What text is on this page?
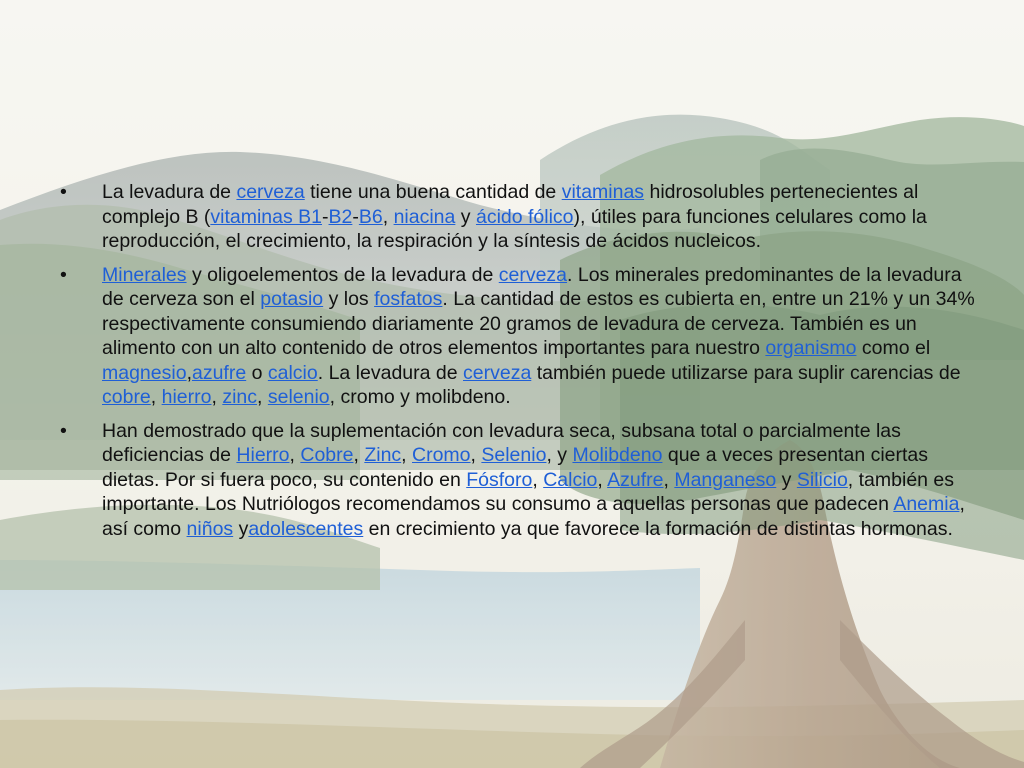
• La levadura de cerveza tiene una buena cantidad de vitaminas hidrosolubles pertenecientes al complejo B (vitaminas B1-B2-B6, niacina y ácido fólico), útiles para funciones celulares como la reproducción, el crecimiento, la respiración y la síntesis de ácidos nucleicos.
• Minerales y oligoelementos de la levadura de cerveza. Los minerales predominantes de la levadura de cerveza son el potasio y los fosfatos. La cantidad de estos es cubierta en, entre un 21% y un 34% respectivamente consumiendo diariamente 20 gramos de levadura de cerveza. También es un alimento con un alto contenido de otros elementos importantes para nuestro organismo como el magnesio,azufre o calcio. La levadura de cerveza también puede utilizarse para suplir carencias de cobre, hierro, zinc, selenio, cromo y molibdeno.
• Han demostrado que la suplementación con levadura seca, subsana total o parcialmente las deficiencias de Hierro, Cobre, Zinc, Cromo, Selenio, y Molibdeno que a veces presentan ciertas dietas. Por si fuera poco, su contenido en Fósforo, Calcio, Azufre, Manganeso y Silicio, también es importante. Los Nutriólogos recomendamos su consumo a aquellas personas que padecen Anemia, así como niños yadolescentes en crecimiento ya que favorece la formación de distintas hormonas.
